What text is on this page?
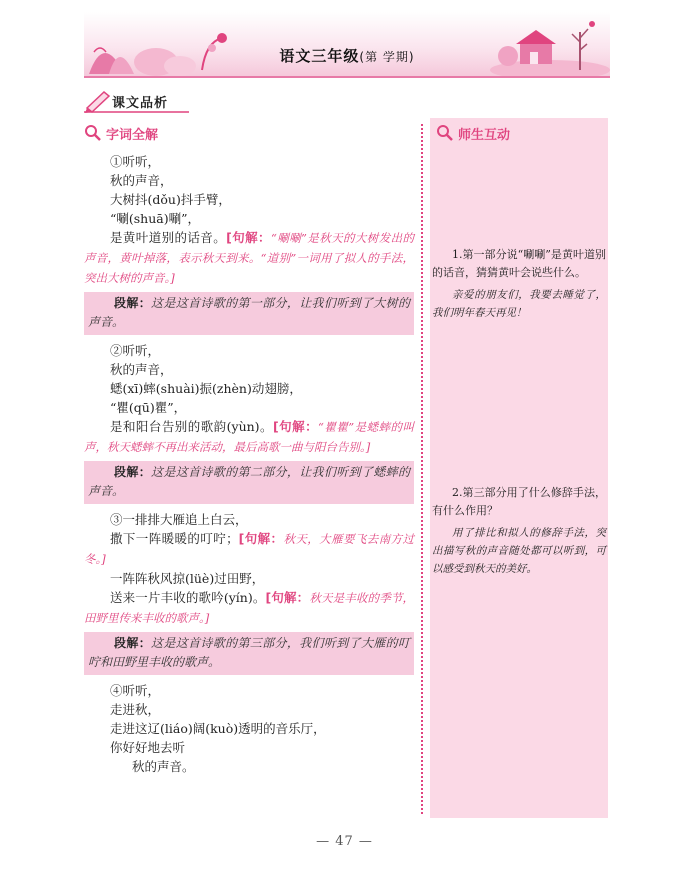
语文三年级(第 学期)
课文品析
字词全解	师生互动
①听听，
秋的声音，
大树抖(dǒu)抖手臂，
“唰(shuā)唰”，
是黄叶道别的话音。[句解：“唰唰”是秋天的大树发出的声音，黄叶掉落，表示秋天到来。“道别”一词用了拟人的手法，突出大树的声音。]
段解：这是这首诗歌的第一部分，让我们听到了大树的声音。
②听听，
秋的声音，
蟋(xī)蟀(shuài)振(zhèn)动翅膀，
“瞿(qū)瞿”，
是和阳台告别的歌韵(yùn)。[句解：“瞿瞿”是蟋蟀的叫声，秋天蟋蟀不再出来活动，最后高歌一曲与阳台告别。]
段解：这是这首诗歌的第二部分，让我们听到了蟋蟀的声音。
③一排排大雁追上白云，
撒下一阵暖暖的叮咛；[句解：秋天，大雁要飞去南方过冬。]
一阵阵秋风掠(lüè)过田野，
送来一片丰收的歌吟(yín)。[句解：秋天是丰收的季节，田野里传来丰收的歌声。]
段解：这是这首诗歌的第三部分，我们听到了大雁的叮咛和田野里丰收的歌声。
④听听，
走进秋，
走进这辽(liáo)阔(kuò)透明的音乐厅，
你好好地去听
秋的声音。
1.第一部分说“唰唰”是黄叶道别的话音，猜猜黄叶会说些什么。
亲爱的朋友们，我要去睡觉了，我们明年春天再见！
2.第三部分用了什么修辞手法，有什么作用？
用了排比和拟人的修辞手法，突出描写秋的声音随处都可以听到，可以感受到秋天的美好。
— 47 —
